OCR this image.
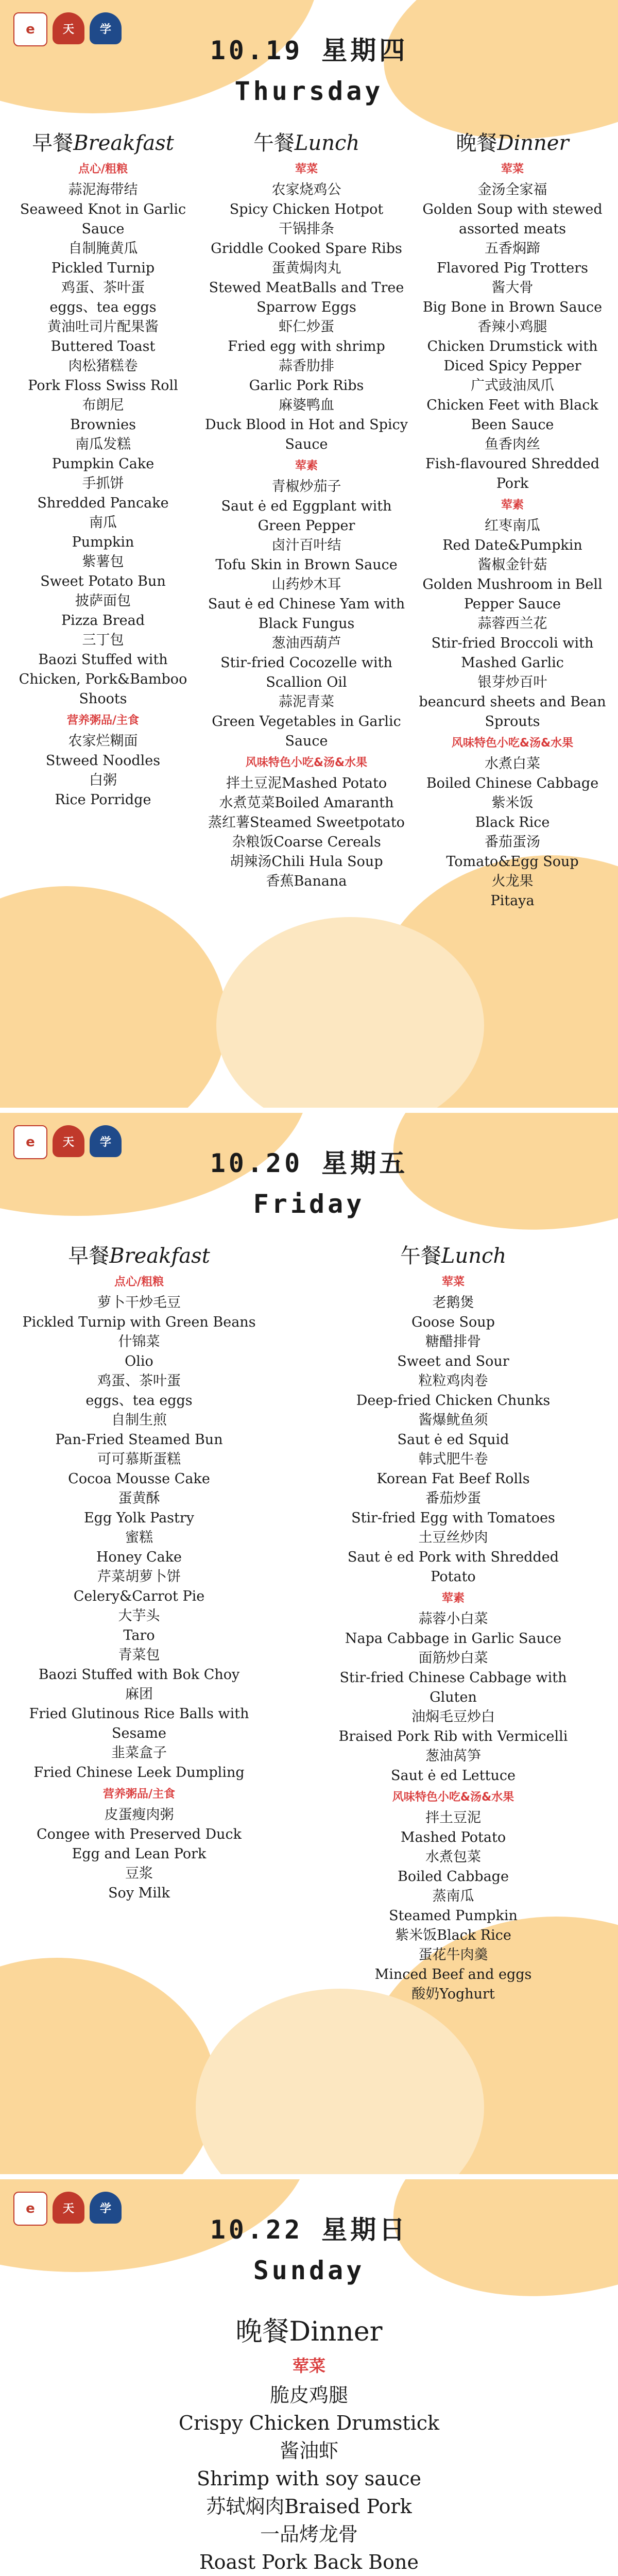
e	天	学
10.19 星期四
Thursday
早餐Breakfast
点心/粗粮
蒜泥海带结
Seaweed Knot in Garlic Sauce
自制腌黄瓜
Pickled Turnip
鸡蛋、茶叶蛋
eggs、tea eggs
黄油吐司片配果酱
Buttered Toast
肉松猪糕卷
Pork Floss Swiss Roll
布朗尼
Brownies
南瓜发糕
Pumpkin Cake
手抓饼
Shredded Pancake
南瓜
Pumpkin
紫薯包
Sweet Potato Bun
披萨面包
Pizza Bread
三丁包
Baozi Stuffed with Chicken, Pork&Bamboo Shoots
营养粥品/主食
农家烂糊面
Stweed Noodles
白粥
Rice Porridge
午餐Lunch
荤菜
农家烧鸡公
Spicy Chicken Hotpot
干锅排条
Griddle Cooked Spare Ribs
蛋黄焗肉丸
Stewed MeatBalls and Tree Sparrow Eggs
虾仁炒蛋
Fried egg with shrimp
蒜香肋排
Garlic Pork Ribs
麻婆鸭血
Duck Blood in Hot and Spicy Sauce
荤素
青椒炒茄子
Saut ė ed Eggplant with Green Pepper
卤汁百叶结
Tofu Skin in Brown Sauce
山药炒木耳
Saut ė ed Chinese Yam with Black Fungus
葱油西葫芦
Stir-fried Cocozelle with Scallion Oil
蒜泥青菜
Green Vegetables in Garlic Sauce
风味特色小吃&汤&水果
拌土豆泥Mashed Potato
水煮苋菜Boiled Amaranth
蒸红薯Steamed Sweetpotato
杂粮饭Coarse Cereals
胡辣汤Chili Hula Soup
香蕉Banana
晚餐Dinner
荤菜
金汤全家福
Golden Soup with stewed assorted meats
五香焖蹄
Flavored Pig Trotters
酱大骨
Big Bone in Brown Sauce
香辣小鸡腿
Chicken Drumstick with Diced Spicy Pepper
广式豉油凤爪
Chicken Feet with Black Been Sauce
鱼香肉丝
Fish-flavoured Shredded Pork
荤素
红枣南瓜
Red Date&Pumpkin
酱椒金针菇
Golden Mushroom in Bell Pepper Sauce
蒜蓉西兰花
Stir-fried Broccoli with Mashed Garlic
银芽炒百叶
beancurd sheets and Bean Sprouts
风味特色小吃&汤&水果
水煮白菜
Boiled Chinese Cabbage
紫米饭
Black Rice
番茄蛋汤
Tomato&Egg Soup
火龙果
Pitaya
e	天	学
10.20 星期五
Friday
早餐Breakfast
点心/粗粮
萝卜干炒毛豆
Pickled Turnip with Green Beans
什锦菜
Olio
鸡蛋、茶叶蛋
eggs、tea eggs
自制生煎
Pan-Fried Steamed Bun
可可慕斯蛋糕
Cocoa Mousse Cake
蛋黄酥
Egg Yolk Pastry
蜜糕
Honey Cake
芹菜胡萝卜饼
Celery&Carrot Pie
大芋头
Taro
青菜包
Baozi Stuffed with Bok Choy
麻团
Fried Glutinous Rice Balls with Sesame
韭菜盒子
Fried Chinese Leek Dumpling
营养粥品/主食
皮蛋瘦肉粥
Congee with Preserved Duck Egg and Lean Pork
豆浆
Soy Milk
午餐Lunch
荤菜
老鹅煲
Goose Soup
糖醋排骨
Sweet and Sour
粒粒鸡肉卷
Deep-fried Chicken Chunks
酱爆鱿鱼须
Saut ė ed Squid
韩式肥牛卷
Korean Fat Beef Rolls
番茄炒蛋
Stir-fried Egg with Tomatoes
土豆丝炒肉
Saut ė ed Pork with Shredded Potato
荤素
蒜蓉小白菜
Napa Cabbage in Garlic Sauce
面筋炒白菜
Stir-fried Chinese Cabbage with Gluten
油焖毛豆炒白
Braised Pork Rib with Vermicelli
葱油莴笋
Saut ė ed Lettuce
风味特色小吃&汤&水果
拌土豆泥
Mashed Potato
水煮包菜
Boiled Cabbage
蒸南瓜
Steamed Pumpkin
紫米饭Black Rice
蛋花牛肉羹
Minced Beef and eggs
酸奶Yoghurt
e	天	学
10.22 星期日
Sunday
晚餐Dinner
荤菜
脆皮鸡腿
Crispy Chicken Drumstick
酱油虾
Shrimp with soy sauce
苏轼焖肉Braised Pork
一品烤龙骨
Roast Pork Back Bone
